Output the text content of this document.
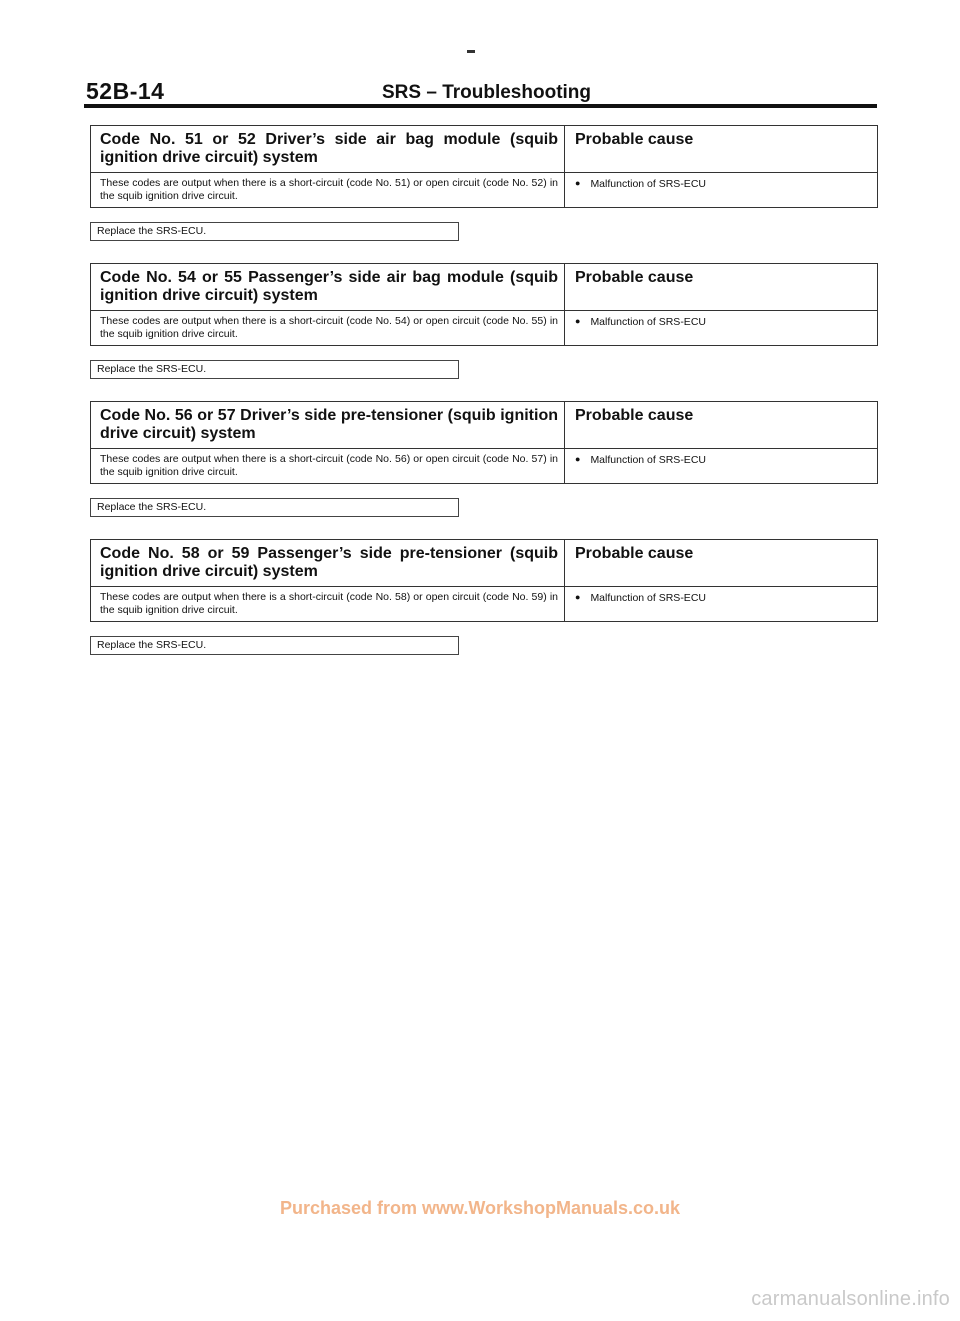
52B-14	SRS – Troubleshooting
Code No. 51 or 52 Driver’s side air bag module (squib ignition drive circuit) system	Probable cause

These codes are output when there is a short-circuit (code No. 51) or open circuit (code No. 52) in the squib ignition drive circuit.	● Malfunction of SRS-ECU
Replace the SRS-ECU.
Code No. 54 or 55 Passenger’s side air bag module (squib ignition drive circuit) system	Probable cause

These codes are output when there is a short-circuit (code No. 54) or open circuit (code No. 55) in the squib ignition drive circuit.	● Malfunction of SRS-ECU
Replace the SRS-ECU.
Code No. 56 or 57 Driver’s side pre-tensioner (squib ignition drive circuit) system	Probable cause

These codes are output when there is a short-circuit (code No. 56) or open circuit (code No. 57) in the squib ignition drive circuit.	● Malfunction of SRS-ECU
Replace the SRS-ECU.
Code No. 58 or 59 Passenger’s side pre-tensioner (squib ignition drive circuit) system	Probable cause

These codes are output when there is a short-circuit (code No. 58) or open circuit (code No. 59) in the squib ignition drive circuit.	● Malfunction of SRS-ECU
Replace the SRS-ECU.
Purchased from www.WorkshopManuals.co.uk
carmanualsonline.info
